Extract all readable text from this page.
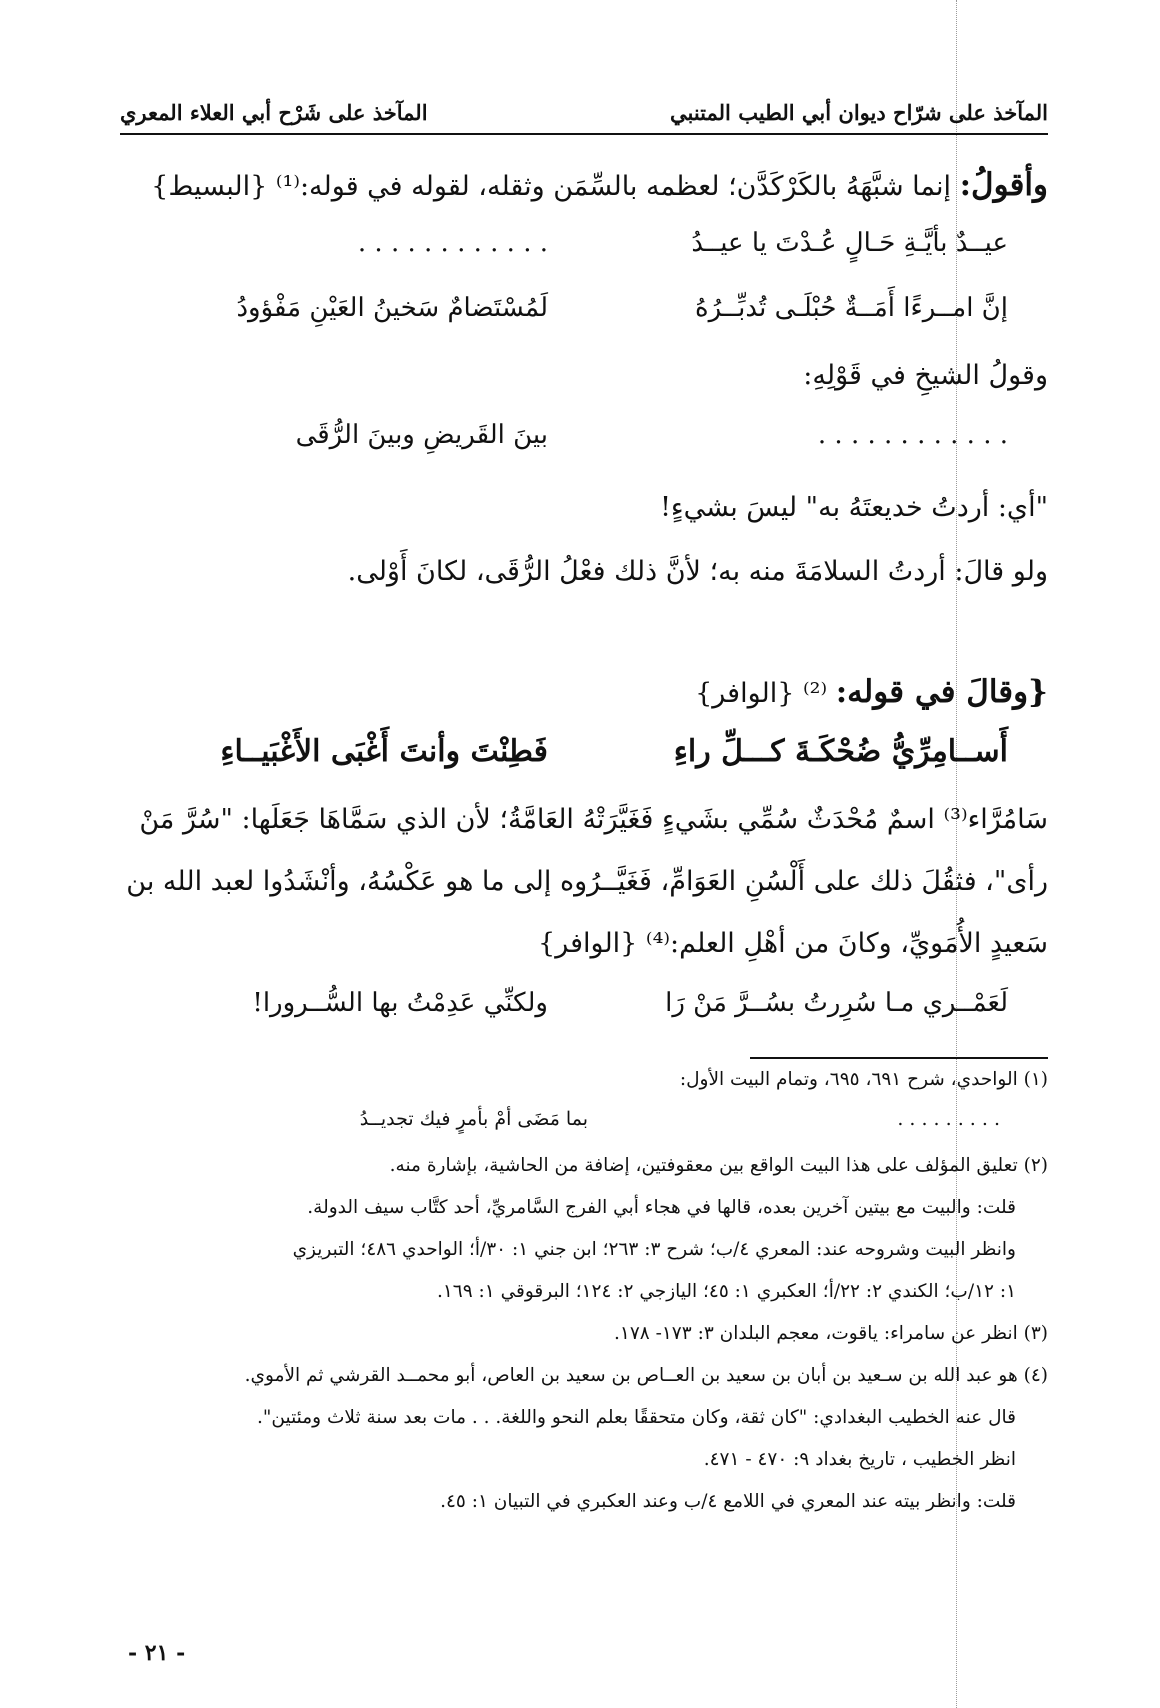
المآخذ على شرّاح ديوان أبي الطيب المتنبي
المآخذ على شَرْح أبي العلاء المعري
وأقولُ: إنما شبَّهَهُ بالكَرْكَدَّن؛ لعظمه بالسِّمَن وثقله، لقوله في قوله:⁽¹⁾ {البسيط}
عيــدٌ بأيَّـةِ حَـالٍ عُـدْتَ يا عيــدُ
. . . . . . . . . . . .
إنَّ امــرءًا أَمَــةٌ حُبْلَـى تُدبِّــرُهُ
لَمُسْتَضامٌ سَخينُ العَيْنِ مَفْؤودُ
وقولُ الشيخِ في قَوْلِهِ:
. . . . . . . . . . . .
بينَ القَريضِ وبينَ الرُّقَى
"أي: أردتُ خديعتَهُ به" ليسَ بشيءٍ!
ولو قالَ: أردتُ السلامَةَ منه به؛ لأنَّ ذلك فعْلُ الرُّقَى، لكانَ أَوْلى.
{وقالَ في قوله: ⁽²⁾ {الوافر}
أَســامِرِّيُّ ضُحْكَـةَ كـــلِّ راءِ
فَطِنْتَ وأنتَ أَغْبَى الأَغْبَيــاءِ
سَامُرَّاء⁽³⁾ اسمٌ مُحْدَثٌ سُمِّي بشَيءٍ فَغَيَّرَتْهُ العَامَّةُ؛ لأن الذي سَمَّاهَا جَعَلَها: "سُرَّ مَنْ
رأى"، فثقُلَ ذلك على أَلْسُنِ العَوَامِّ، فَغَيَّــرُوه إلى ما هو عَكْسُهُ، وأنْشَدُوا لعبد الله بن
سَعيدٍ الأُمَويِّ، وكانَ من أهْلِ العلم:⁽⁴⁾ {الوافر}
لَعَمْــري مـا سُرِرتُ بسُــرَّ مَنْ رَا
ولكنِّي عَدِمْتُ بها السُّــرورا!
(١) الواحدي، شرح ٦٩١، ٦٩٥، وتمام البيت الأول:
. . . . . . . . .
بما مَضَى أمْ بأمرٍ فيك تجديــدُ
(٢) تعليق المؤلف على هذا البيت الواقع بين معقوفتين، إضافة من الحاشية، بإشارة منه.
قلت: والبيت مع بيتين آخرين بعده، قالها في هجاء أبي الفرج السَّامريِّ، أحد كتَّاب سيف الدولة.
وانظر البيت وشروحه عند: المعري ٤/ب؛ شرح ٣: ٢٦٣؛ ابن جني ١: ٣٠/أ؛ الواحدي ٤٨٦؛ التبريزي
١: ١٢/ب؛ الكندي ٢: ٢٢/أ؛ العكبري ١: ٤٥؛ اليازجي ٢: ١٢٤؛ البرقوقي ١: ١٦٩.
(٣) انظر عن سامراء: ياقوت، معجم البلدان ٣: ١٧٣- ١٧٨.
(٤) هو عبد الله بن سـعيد بن أبان بن سعيد بن العــاص بن سعيد بن العاص، أبو محمــد القرشي ثم الأموي.
قال عنه الخطيب البغدادي: "كان ثقة، وكان متحققًا بعلم النحو واللغة. . . مات بعد سنة ثلاث ومئتين".
انظر الخطيب ، تاريخ بغداد ٩: ٤٧٠ - ٤٧١.
قلت: وانظر بيته عند المعري في اللامع ٤/ب وعند العكبري في التبيان ١: ٤٥.
- ٢١ -
